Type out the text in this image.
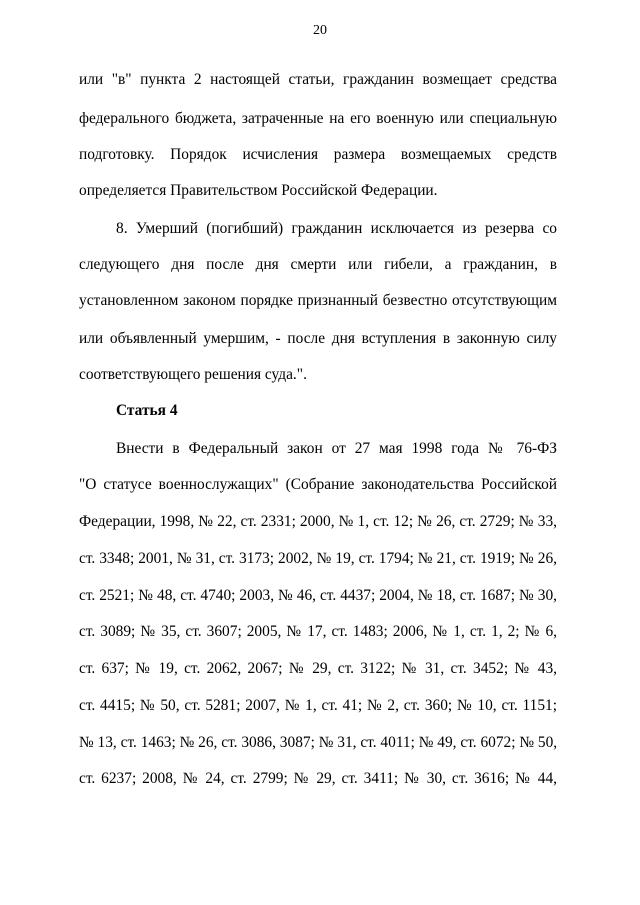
20
или "в" пункта 2 настоящей статьи, гражданин возмещает средства
федерального бюджета, затраченные на его военную или специальную
подготовку. Порядок исчисления размера возмещаемых средств
определяется Правительством Российской Федерации.
8. Умерший (погибший) гражданин исключается из резерва со
следующего дня после дня смерти или гибели, а гражданин, в
установленном законом порядке признанный безвестно отсутствующим
или объявленный умершим, - после дня вступления в законную силу
соответствующего решения суда.".
Статья 4
Внести в Федеральный закон от 27 мая 1998 года № 76-ФЗ
"О статусе военнослужащих" (Собрание законодательства Российской
Федерации, 1998, № 22, ст. 2331; 2000, № 1, ст. 12; № 26, ст. 2729; № 33,
ст. 3348; 2001, № 31, ст. 3173; 2002, № 19, ст. 1794; № 21, ст. 1919; № 26,
ст. 2521; № 48, ст. 4740; 2003, № 46, ст. 4437; 2004, № 18, ст. 1687; № 30,
ст. 3089; № 35, ст. 3607; 2005, № 17, ст. 1483; 2006, № 1, ст. 1, 2; № 6,
ст. 637; № 19, ст. 2062, 2067; № 29, ст. 3122; № 31, ст. 3452; № 43,
ст. 4415; № 50, ст. 5281; 2007, № 1, ст. 41; № 2, ст. 360; № 10, ст. 1151;
№ 13, ст. 1463; № 26, ст. 3086, 3087; № 31, ст. 4011; № 49, ст. 6072; № 50,
ст. 6237; 2008, № 24, ст. 2799; № 29, ст. 3411; № 30, ст. 3616; № 44,
